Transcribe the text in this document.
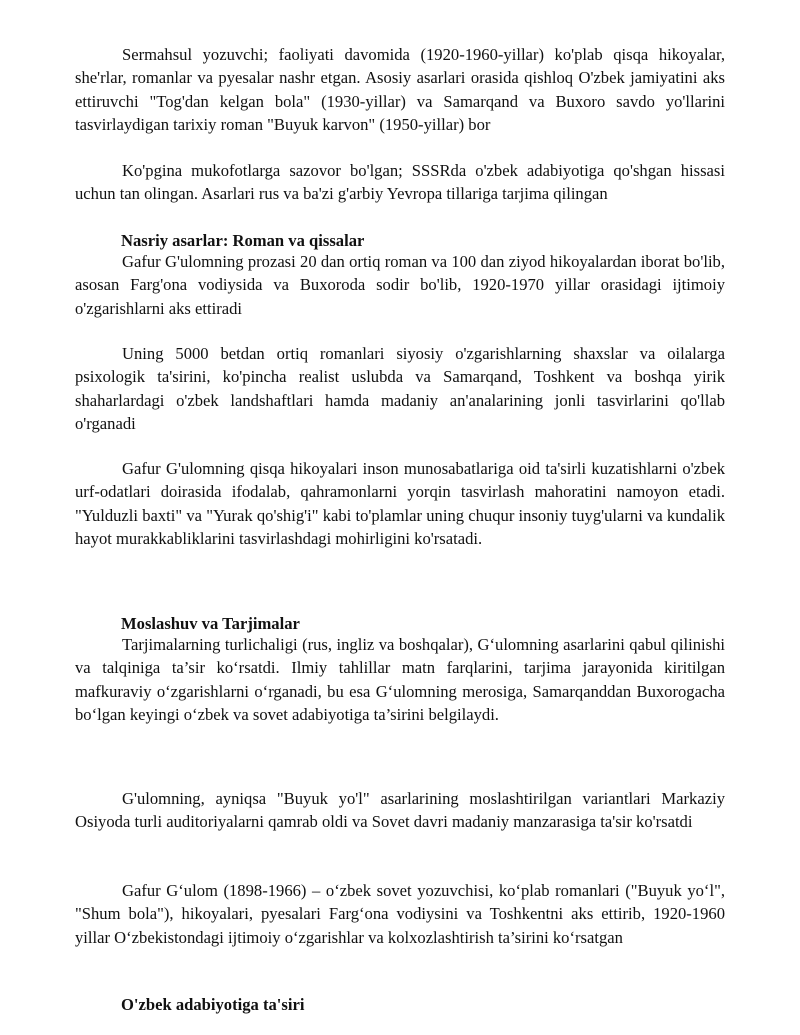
Sermahsul yozuvchi; faoliyati davomida (1920-1960-yillar) ko'plab qisqa hikoyalar, she'rlar, romanlar va pyesalar nashr etgan. Asosiy asarlari orasida qishloq O'zbek jamiyatini aks ettiruvchi "Tog'dan kelgan bola" (1930-yillar) va Samarqand va Buxoro savdo yo'llarini tasvirlaydigan tarixiy roman "Buyuk karvon" (1950-yillar) bor

Ko'pgina mukofotlarga sazovor bo'lgan; SSSRda o'zbek adabiyotiga qo'shgan hissasi uchun tan olingan. Asarlari rus va ba'zi g'arbiy Yevropa tillariga tarjima qilingan

Nasriy asarlar: Roman va qissalar

Gafur G'ulomning prozasi 20 dan ortiq roman va 100 dan ziyod hikoyalardan iborat bo'lib, asosan Farg'ona vodiysida va Buxoroda sodir bo'lib, 1920-1970 yillar orasidagi ijtimoiy o'zgarishlarni aks ettiradi

Uning 5000 betdan ortiq romanlari siyosiy o'zgarishlarning shaxslar va oilalarga psixologik ta'sirini, ko'pincha realist uslubda va Samarqand, Toshkent va boshqa yirik shaharlardagi o'zbek landshaftlari hamda madaniy an'analarining jonli tasvirlarini qo'llab o'rganadi

Gafur G'ulomning qisqa hikoyalari inson munosabatlariga oid ta'sirli kuzatishlarni o'zbek urf-odatlari doirasida ifodalab, qahramonlarni yorqin tasvirlash mahoratini namoyon etadi. "Yulduzli baxti" va "Yurak qo'shig'i" kabi to'plamlar uning chuqur insoniy tuyg'ularni va kundalik hayot murakkabliklarini tasvirlashdagi mohirligini ko'rsatadi.

Moslashuv va Tarjimalar

Tarjimalarning turlichaligi (rus, ingliz va boshqalar), G‘ulomning asarlarini qabul qilinishi va talqiniga ta’sir ko‘rsatdi. Ilmiy tahlillar matn farqlarini, tarjima jarayonida kiritilgan mafkuraviy o‘zgarishlarni o‘rganadi, bu esa G‘ulomning merosiga, Samarqanddan Buxorogacha bo‘lgan keyingi o‘zbek va sovet adabiyotiga ta’sirini belgilaydi.

G'ulomning, ayniqsa "Buyuk yo'l" asarlarining moslashtirilgan variantlari Markaziy Osiyoda turli auditoriyalarni qamrab oldi va Sovet davri madaniy manzarasiga ta'sir ko'rsatdi

Gafur G‘ulom (1898-1966) – o‘zbek sovet yozuvchisi, ko‘plab romanlari ("Buyuk yo‘l", "Shum bola"), hikoyalari, pyesalari Farg‘ona vodiysini va Toshkentni aks ettirib, 1920-1960 yillar O‘zbekistondagi ijtimoiy o‘zgarishlar va kolxozlashtirish ta’sirini ko‘rsatgan

O'zbek adabiyotiga ta'siri
